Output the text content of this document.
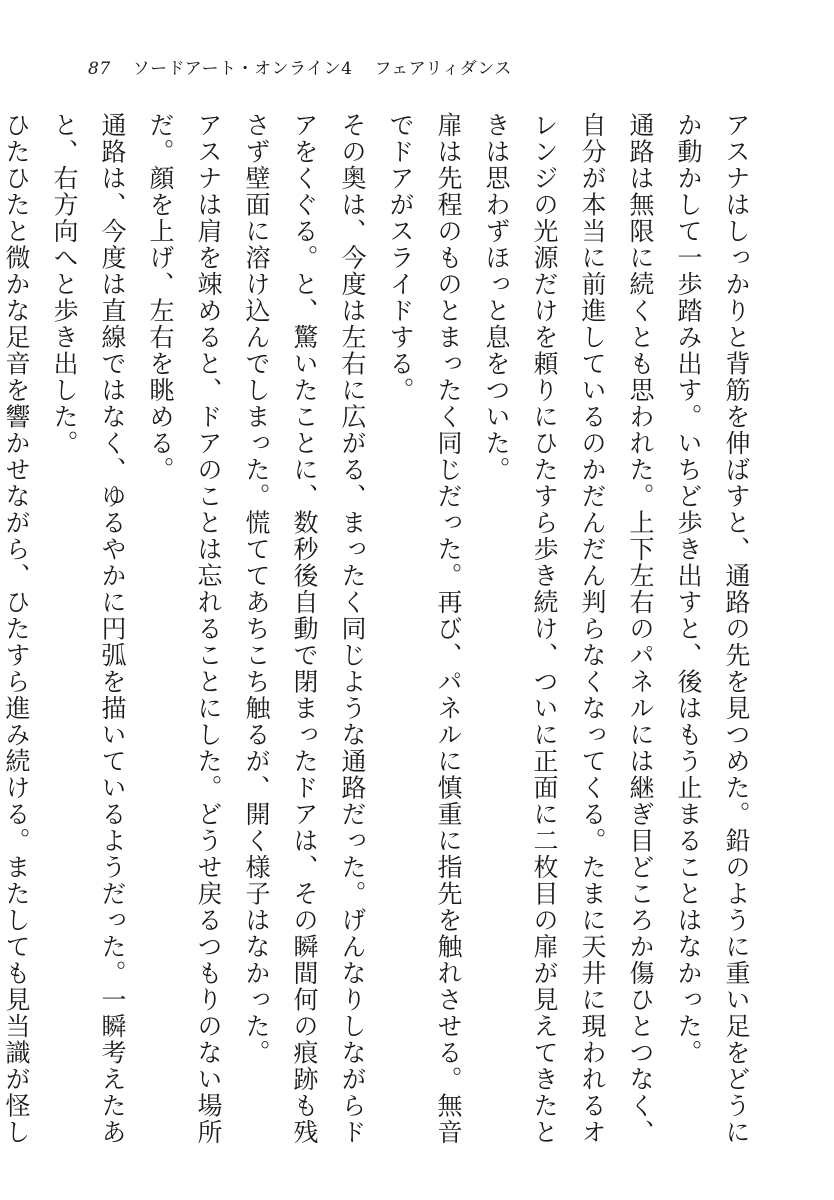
87 ソードアート・オンライン4 フェアリィダンス

アスナはしっかりと背筋を伸ばすと、通路の先を見つめた。鉛のように重い足をどうにか動かして一歩踏み出す。いちど歩き出すと、後はもう止まることはなかった。

通路は無限に続くとも思われた。上下左右のパネルには継ぎ目どころか傷ひとつなく、自分が本当に前進しているのかだんだん判らなくなってくる。たまに天井に現われるオレンジの光源だけを頼りにひたすら歩き続け、ついに正面に二枚目の扉が見えてきたときは思わずほっと息をついた。

扉は先程のものとまったく同じだった。再び、パネルに慎重に指先を触れさせる。無音でドアがスライドする。

その奥は、今度は左右に広がる、まったく同じような通路だった。げんなりしながらドアをくぐる。と、驚いたことに、数秒後自動で閉まったドアは、その瞬間何の痕跡も残さず壁面に溶け込んでしまった。慌ててあちこち触るが、開く様子はなかった。

アスナは肩を竦めると、ドアのことは忘れることにした。どうせ戻るつもりのない場所だ。顔を上げ、左右を眺める。

通路は、今度は直線ではなく、ゆるやかに円弧を描いているようだった。一瞬考えたあと、右方向へと歩き出した。

ひたひたと微かな足音を響かせながら、ひたすら進み続ける。またしても見当識が怪し
